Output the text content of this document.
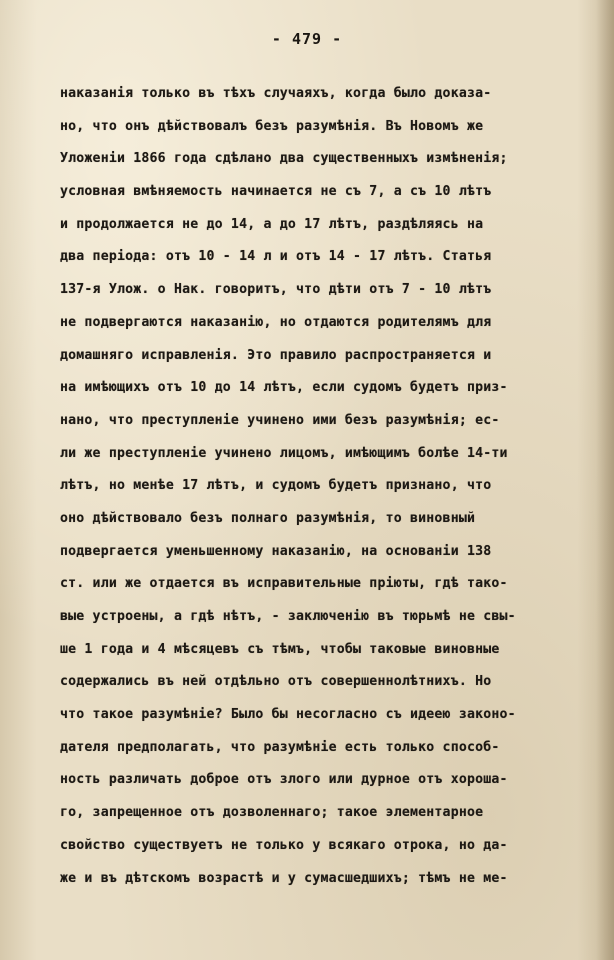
- 479 -
наказанія только въ тѣхъ случаяхъ, когда было доказа-
но, что онъ дѣйствовалъ безъ разумѣнія. Въ Новомъ же
Уложеніи 1866 года сдѣлано два существенныхъ измѣненія;
условная вмѣняемость начинается не съ 7, а съ 10 лѣтъ
и продолжается не до 14, а до 17 лѣтъ, раздѣляясь на
два періода: отъ 10 - 14 л и отъ 14 - 17 лѣтъ. Статья
137-я Улож. о Нак. говоритъ, что дѣти отъ 7 - 10 лѣтъ
не подвергаются наказанію, но отдаются родителямъ для
домашняго исправленія. Это правило распространяется и
на имѣющихъ отъ 10 до 14 лѣтъ, если судомъ будетъ приз-
нано, что преступленіе учинено ими безъ разумѣнія; ес-
ли же преступленіе учинено лицомъ, имѣющимъ болѣе 14-ти
лѣтъ, но менѣе 17 лѣтъ, и судомъ будетъ признано, что
оно дѣйствовало безъ полнаго разумѣнія, то виновный
подвергается уменьшенному наказанію, на основаніи 138
ст. или же отдается въ исправительные пріюты, гдѣ тако-
вые устроены, а гдѣ нѣтъ, - заключенію въ тюрьмѣ не свы-
ше 1 года и 4 мѣсяцевъ съ тѣмъ, чтобы таковые виновные
содержались въ ней отдѣльно отъ совершеннолѣтнихъ. Но
что такое разумѣніе? Было бы несогласно съ идеею законо-
дателя предполагать, что разумѣніе есть только способ-
ность различать доброе отъ злого или дурное отъ хороша-
го, запрещенное отъ дозволеннаго; такое элементарное
свойство существуетъ не только у всякаго отрока, но да-
же и въ дѣтскомъ возрастѣ и у сумасшедшихъ; тѣмъ не ме-
